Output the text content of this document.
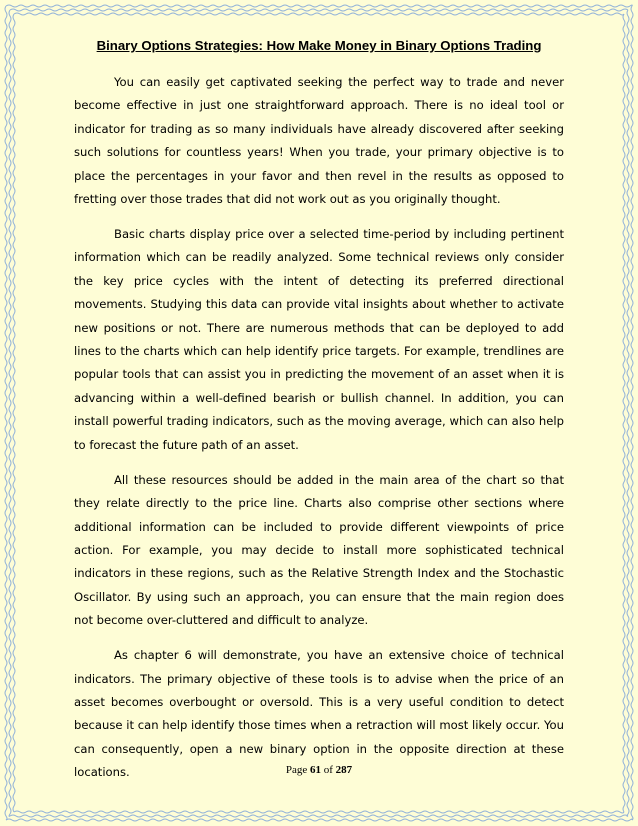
Binary Options Strategies: How Make Money in Binary Options Trading

You can easily get captivated seeking the perfect way to trade and never become effective in just one straightforward approach. There is no ideal tool or indicator for trading as so many individuals have already discovered after seeking such solutions for countless years! When you trade, your primary objective is to place the percentages in your favor and then revel in the results as opposed to fretting over those trades that did not work out as you originally thought.

Basic charts display price over a selected time-period by including pertinent information which can be readily analyzed. Some technical reviews only consider the key price cycles with the intent of detecting its preferred directional movements. Studying this data can provide vital insights about whether to activate new positions or not. There are numerous methods that can be deployed to add lines to the charts which can help identify price targets. For example, trendlines are popular tools that can assist you in predicting the movement of an asset when it is advancing within a well-defined bearish or bullish channel. In addition, you can install powerful trading indicators, such as the moving average, which can also help to forecast the future path of an asset.

All these resources should be added in the main area of the chart so that they relate directly to the price line. Charts also comprise other sections where additional information can be included to provide different viewpoints of price action. For example, you may decide to install more sophisticated technical indicators in these regions, such as the Relative Strength Index and the Stochastic Oscillator. By using such an approach, you can ensure that the main region does not become over-cluttered and difficult to analyze.

As chapter 6 will demonstrate, you have an extensive choice of technical indicators. The primary objective of these tools is to advise when the price of an asset becomes overbought or oversold. This is a very useful condition to detect because it can help identify those times when a retraction will most likely occur. You can consequently, open a new binary option in the opposite direction at these locations.	Page 61 of 287
